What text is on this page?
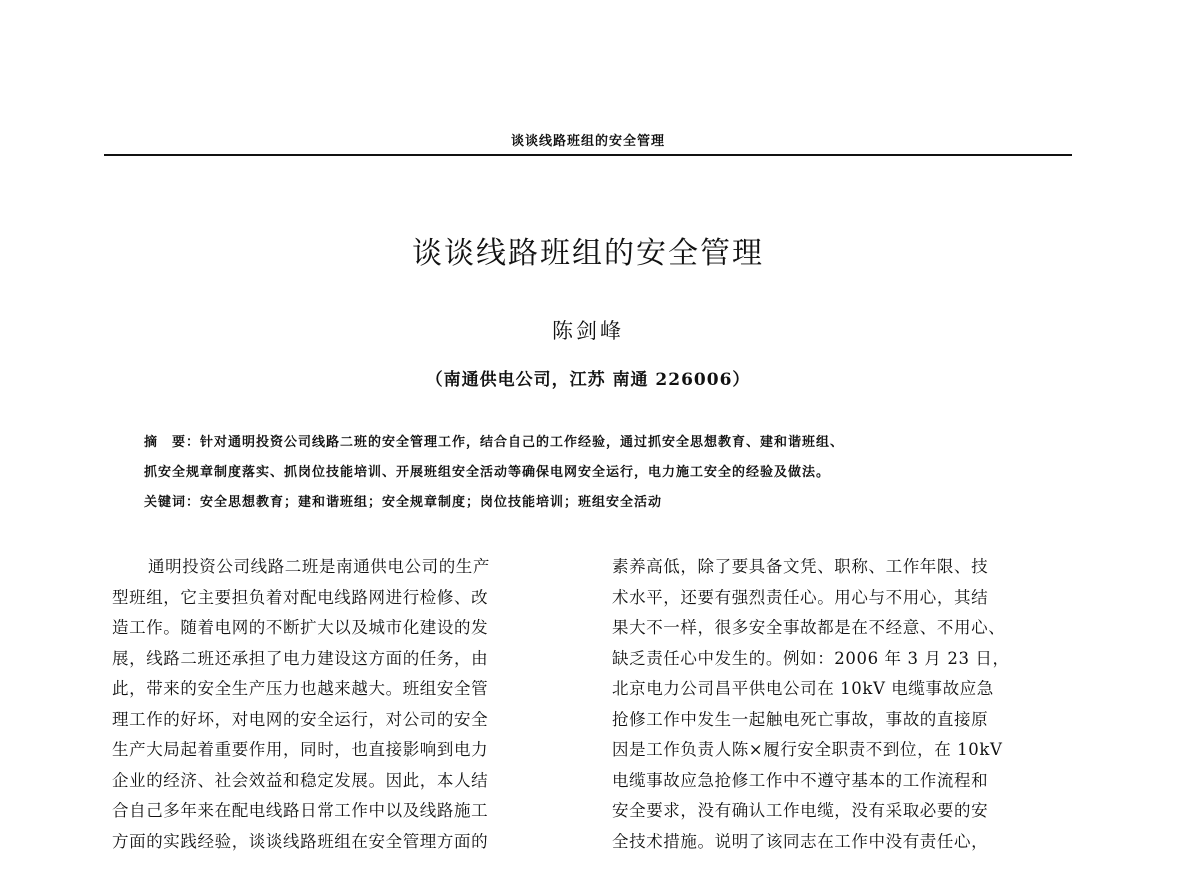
谈谈线路班组的安全管理
谈谈线路班组的安全管理
陈剑峰
（南通供电公司，江苏 南通 226006）
摘　要：针对通明投资公司线路二班的安全管理工作，结合自己的工作经验，通过抓安全思想教育、建和谐班组、
抓安全规章制度落实、抓岗位技能培训、开展班组安全活动等确保电网安全运行，电力施工安全的经验及做法。
关键词：安全思想教育；建和谐班组；安全规章制度；岗位技能培训；班组安全活动
通明投资公司线路二班是南通供电公司的生产
型班组，它主要担负着对配电线路网进行检修、改
造工作。随着电网的不断扩大以及城市化建设的发
展，线路二班还承担了电力建设这方面的任务，由
此，带来的安全生产压力也越来越大。班组安全管
理工作的好坏，对电网的安全运行，对公司的安全
生产大局起着重要作用，同时，也直接影响到电力
企业的经济、社会效益和稳定发展。因此，本人结
合自己多年来在配电线路日常工作中以及线路施工
方面的实践经验，谈谈线路班组在安全管理方面的
素养高低，除了要具备文凭、职称、工作年限、技
术水平，还要有强烈责任心。用心与不用心，其结
果大不一样，很多安全事故都是在不经意、不用心、
缺乏责任心中发生的。例如：2006 年 3 月 23 日，
北京电力公司昌平供电公司在 10kV 电缆事故应急
抢修工作中发生一起触电死亡事故，事故的直接原
因是工作负责人陈×履行安全职责不到位，在 10kV
电缆事故应急抢修工作中不遵守基本的工作流程和
安全要求，没有确认工作电缆，没有采取必要的安
全技术措施。说明了该同志在工作中没有责任心，
